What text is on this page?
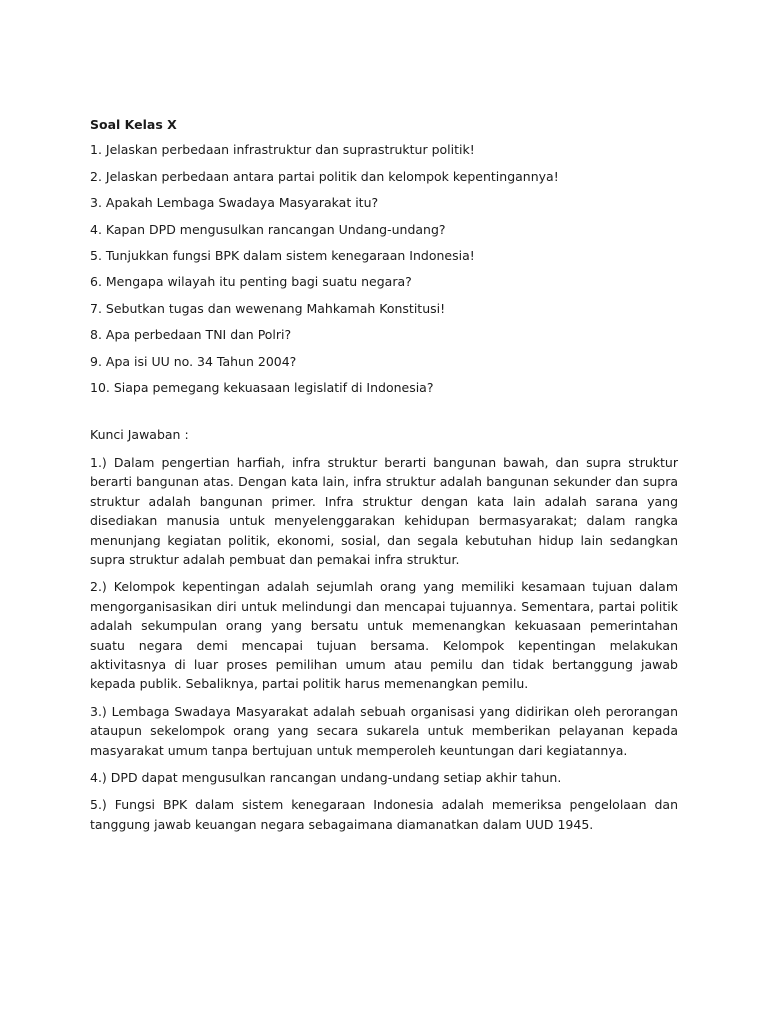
Soal Kelas X
1. Jelaskan perbedaan infrastruktur dan suprastruktur politik!
2. Jelaskan perbedaan antara partai politik dan kelompok kepentingannya!
3. Apakah Lembaga Swadaya Masyarakat itu?
4. Kapan DPD mengusulkan rancangan Undang-undang?
5. Tunjukkan fungsi BPK dalam sistem kenegaraan Indonesia!
6. Mengapa wilayah itu penting bagi suatu negara?
7. Sebutkan tugas dan wewenang Mahkamah Konstitusi!
8. Apa perbedaan TNI dan Polri?
9. Apa isi UU no. 34 Tahun 2004?
10. Siapa pemegang kekuasaan legislatif di Indonesia?
Kunci Jawaban :

1.) Dalam pengertian harfiah, infra struktur berarti bangunan bawah, dan supra struktur berarti bangunan atas. Dengan kata lain, infra struktur adalah bangunan sekunder dan supra struktur adalah bangunan primer. Infra struktur dengan kata lain adalah sarana yang disediakan manusia untuk menyelenggarakan kehidupan bermasyarakat; dalam rangka menunjang kegiatan politik, ekonomi, sosial, dan segala kebutuhan hidup lain sedangkan supra struktur adalah pembuat dan pemakai infra struktur.

2.) Kelompok kepentingan adalah sejumlah orang yang memiliki kesamaan tujuan dalam mengorganisasikan diri untuk melindungi dan mencapai tujuannya. Sementara, partai politik adalah sekumpulan orang yang bersatu untuk memenangkan kekuasaan pemerintahan suatu negara demi mencapai tujuan bersama. Kelompok kepentingan melakukan aktivitasnya di luar proses pemilihan umum atau pemilu dan tidak bertanggung jawab kepada publik. Sebaliknya, partai politik harus memenangkan pemilu.

3.) Lembaga Swadaya Masyarakat adalah sebuah organisasi yang didirikan oleh perorangan ataupun sekelompok orang yang secara sukarela untuk memberikan pelayanan kepada masyarakat umum tanpa bertujuan untuk memperoleh keuntungan dari kegiatannya.

4.) DPD dapat mengusulkan rancangan undang-undang setiap akhir tahun.

5.) Fungsi BPK dalam sistem kenegaraan Indonesia adalah memeriksa pengelolaan dan tanggung jawab keuangan negara sebagaimana diamanatkan dalam UUD 1945.
